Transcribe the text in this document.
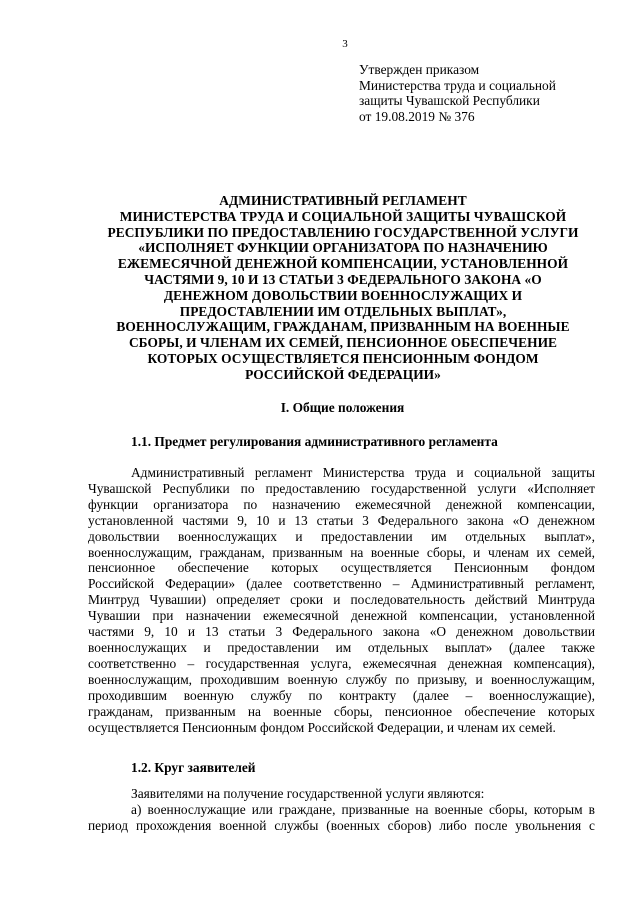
3
Утвержден приказом
Министерства труда и социальной
защиты Чувашской Республики
от 19.08.2019 № 376
АДМИНИСТРАТИВНЫЙ РЕГЛАМЕНТ
МИНИСТЕРСТВА ТРУДА И СОЦИАЛЬНОЙ ЗАЩИТЫ ЧУВАШСКОЙ
РЕСПУБЛИКИ ПО ПРЕДОСТАВЛЕНИЮ ГОСУДАРСТВЕННОЙ УСЛУГИ
«ИСПОЛНЯЕТ ФУНКЦИИ ОРГАНИЗАТОРА ПО НАЗНАЧЕНИЮ
ЕЖЕМЕСЯЧНОЙ ДЕНЕЖНОЙ КОМПЕНСАЦИИ, УСТАНОВЛЕННОЙ
ЧАСТЯМИ 9, 10 И 13 СТАТЬИ 3 ФЕДЕРАЛЬНОГО ЗАКОНА «О
ДЕНЕЖНОМ ДОВОЛЬСТВИИ ВОЕННОСЛУЖАЩИХ И
ПРЕДОСТАВЛЕНИИ ИМ ОТДЕЛЬНЫХ ВЫПЛАТ»,
ВОЕННОСЛУЖАЩИМ, ГРАЖДАНАМ, ПРИЗВАННЫМ НА ВОЕННЫЕ
СБОРЫ, И ЧЛЕНАМ ИХ СЕМЕЙ, ПЕНСИОННОЕ ОБЕСПЕЧЕНИЕ
КОТОРЫХ ОСУЩЕСТВЛЯЕТСЯ ПЕНСИОННЫМ ФОНДОМ
РОССИЙСКОЙ ФЕДЕРАЦИИ»
I. Общие положения
1.1. Предмет регулирования административного регламента
Административный регламент Министерства труда и социальной защиты
Чувашской Республики по предоставлению государственной услуги «Исполняет
функции организатора по назначению ежемесячной денежной компенсации,
установленной частями 9, 10 и 13 статьи 3 Федерального закона «О денежном
довольствии военнослужащих и предоставлении им отдельных выплат»,
военнослужащим, гражданам, призванным на военные сборы, и членам их семей,
пенсионное обеспечение которых осуществляется Пенсионным фондом
Российской Федерации» (далее соответственно – Административный регламент,
Минтруд Чувашии) определяет сроки и последовательность действий Минтруда
Чувашии при назначении ежемесячной денежной компенсации, установленной
частями 9, 10 и 13 статьи 3 Федерального закона «О денежном довольствии
военнослужащих и предоставлении им отдельных выплат» (далее также
соответственно – государственная услуга, ежемесячная денежная компенсация),
военнослужащим, проходившим военную службу по призыву, и военнослужащим,
проходившим военную службу по контракту (далее – военнослужащие),
гражданам, призванным на военные сборы, пенсионное обеспечение которых
осуществляется Пенсионным фондом Российской Федерации, и членам их семей.
1.2. Круг заявителей
Заявителями на получение государственной услуги являются:
а) военнослужащие или граждане, призванные на военные сборы, которым в
период прохождения военной службы (военных сборов) либо после увольнения с
